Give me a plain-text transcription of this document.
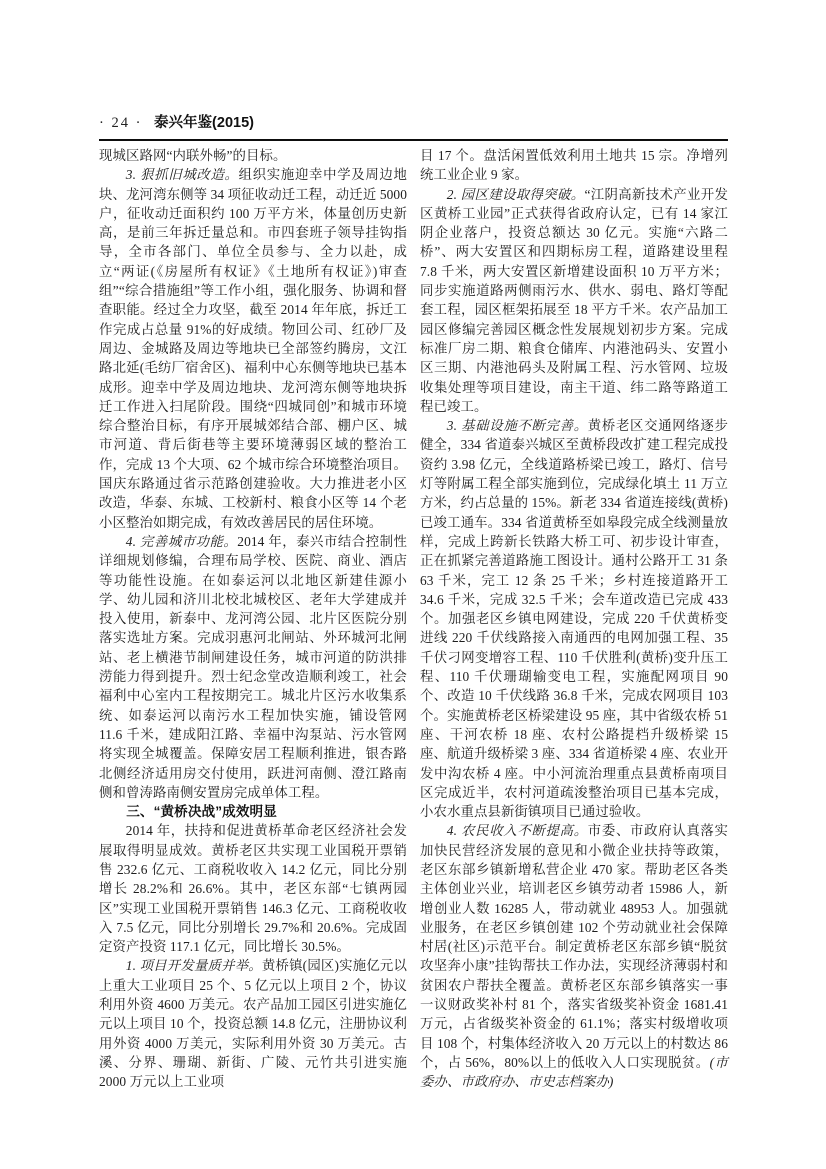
· 24 · 泰兴年鉴(2015)

现城区路网“内联外畅”的目标。

3. 狠抓旧城改造。组织实施迎幸中学及周边地块、龙河湾东侧等 34 项征收动迁工程，动迁近 5000 户，征收动迁面积约 100 万平方米，体量创历史新高，是前三年拆迁量总和。市四套班子领导挂钩指导，全市各部门、单位全员参与、全力以赴，成立“两证(《房屋所有权证》《土地所有权证》)审查组”“综合措施组”等工作小组，强化服务、协调和督查职能。经过全力攻坚，截至 2014 年年底，拆迁工作完成占总量 91%的好成绩。物回公司、红砂厂及周边、金城路及周边等地块已全部签约腾房，文江路北延(毛纺厂宿舍区)、福利中心东侧等地块已基本成形。迎幸中学及周边地块、龙河湾东侧等地块拆迁工作进入扫尾阶段。围绕“四城同创”和城市环境综合整治目标，有序开展城郊结合部、棚户区、城市河道、背后街巷等主要环境薄弱区域的整治工作，完成 13 个大项、62 个城市综合环境整治项目。国庆东路通过省示范路创建验收。大力推进老小区改造，华泰、东城、工校新村、粮食小区等 14 个老小区整治如期完成，有效改善居民的居住环境。

4. 完善城市功能。2014 年，泰兴市结合控制性详细规划修编，合理布局学校、医院、商业、酒店等功能性设施。在如泰运河以北地区新建佳源小学、幼儿园和济川北校北城校区、老年大学建成并投入使用，新泰中、龙河湾公园、北片区医院分别落实选址方案。完成羽惠河北闸站、外环城河北闸站、老上横港节制闸建设任务，城市河道的防洪排涝能力得到提升。烈士纪念堂改造顺利竣工，社会福利中心室内工程按期完工。城北片区污水收集系统、如泰运河以南污水工程加快实施，铺设管网 11.6 千米，建成阳江路、幸福中沟泵站、污水管网将实现全城覆盖。保障安居工程顺利推进，银杏路北侧经济适用房交付使用，跃进河南侧、澄江路南侧和曾涛路南侧安置房完成单体工程。

三、“黄桥决战”成效明显

2014 年，扶持和促进黄桥革命老区经济社会发展取得明显成效。黄桥老区共实现工业国税开票销售 232.6 亿元、工商税收收入 14.2 亿元，同比分别增长 28.2%和 26.6%。其中，老区东部“七镇两园区”实现工业国税开票销售 146.3 亿元、工商税收收入 7.5 亿元，同比分别增长 29.7%和 20.6%。完成固定资产投资 117.1 亿元，同比增长 30.5%。

1. 项目开发量质并举。黄桥镇(园区)实施亿元以上重大工业项目 25 个、5 亿元以上项目 2 个，协议利用外资 4600 万美元。农产品加工园区引进实施亿元以上项目 10 个，投资总额 14.8 亿元，注册协议利用外资 4000 万美元，实际利用外资 30 万美元。古溪、分界、珊瑚、新街、广陵、元竹共引进实施 2000 万元以上工业项

目 17 个。盘活闲置低效利用土地共 15 宗。净增列统工业企业 9 家。

2. 园区建设取得突破。“江阴高新技术产业开发区黄桥工业园”正式获得省政府认定，已有 14 家江阴企业落户，投资总额达 30 亿元。实施“六路二桥”、两大安置区和四期标房工程，道路建设里程 7.8 千米，两大安置区新增建设面积 10 万平方米；同步实施道路两侧雨污水、供水、弱电、路灯等配套工程，园区框架拓展至 18 平方千米。农产品加工园区修编完善园区概念性发展规划初步方案。完成标准厂房二期、粮食仓储库、内港池码头、安置小区三期、内港池码头及附属工程、污水管网、垃圾收集处理等项目建设，南主干道、纬二路等路道工程已竣工。

3. 基础设施不断完善。黄桥老区交通网络逐步健全，334 省道泰兴城区至黄桥段改扩建工程完成投资约 3.98 亿元，全线道路桥梁已竣工，路灯、信号灯等附属工程全部实施到位，完成绿化填土 11 万立方米，约占总量的 15%。新老 334 省道连接线(黄桥)已竣工通车。334 省道黄桥至如皋段完成全线测量放样，完成上跨新长铁路大桥工可、初步设计审查，正在抓紧完善道路施工图设计。通村公路开工 31 条 63 千米，完工 12 条 25 千米；乡村连接道路开工 34.6 千米，完成 32.5 千米；会车道改造已完成 433 个。加强老区乡镇电网建设，完成 220 千伏黄桥变进线 220 千伏线路接入南通西的电网加强工程、35 千伏刁网变增容工程、110 千伏胜利(黄桥)变升压工程、110 千伏珊瑚输变电工程，实施配网项目 90 个、改造 10 千伏线路 36.8 千米，完成农网项目 103 个。实施黄桥老区桥梁建设 95 座，其中省级农桥 51 座、干河农桥 18 座、农村公路提档升级桥梁 15 座、航道升级桥梁 3 座、334 省道桥梁 4 座、农业开发中沟农桥 4 座。中小河流治理重点县黄桥南项目区完成近半，农村河道疏浚整治项目已基本完成，小农水重点县新街镇项目已通过验收。

4. 农民收入不断提高。市委、市政府认真落实加快民营经济发展的意见和小微企业扶持等政策，老区东部乡镇新增私营企业 470 家。帮助老区各类主体创业兴业，培训老区乡镇劳动者 15986 人，新增创业人数 16285 人，带动就业 48953 人。加强就业服务，在老区乡镇创建 102 个劳动就业社会保障村居(社区)示范平台。制定黄桥老区东部乡镇“脱贫攻坚奔小康”挂钩帮扶工作办法，实现经济薄弱村和贫困农户帮扶全覆盖。黄桥老区东部乡镇落实一事一议财政奖补村 81 个，落实省级奖补资金 1681.41 万元，占省级奖补资金的 61.1%；落实村级增收项目 108 个，村集体经济收入 20 万元以上的村数达 86 个，占 56%，80%以上的低收入人口实现脱贫。(市委办、市政府办、市史志档案办)
